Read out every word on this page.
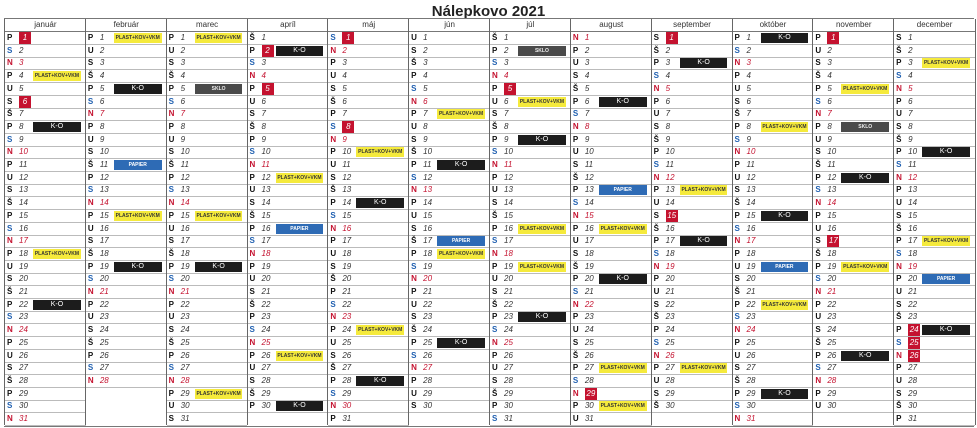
Nálepkovo 2021
január
P	1
S 2
N 3
P 4	PLAST+KOV+VKM
U 5
S	6
Š 7
P 8	K-O
S 9
N 10
P 11
U 12
S 13
Š 14
P 15
S 16
N 17
P 18	PLAST+KOV+VKM
U 19
S 20
Š 21
P 22	K-O
S 23
N 24
P 25
U 26
S 27
Š 28
P 29
S 30
N 31
február
P 1	PLAST+KOV+VKM
U 2
S 3
Š 4
P 5	K-O
S 6
N 7
P 8
U 9
S 10
Š 11	PAPIER
P 12
S 13
N 14
P 15	PLAST+KOV+VKM
U 16
S 17
Š 18
P 19	K-O
S 20
N 21
P 22
U 23
S 24
Š 25
P 26
S 27
N 28
marec
P 1	PLAST+KOV+VKM
U 2
S 3
Š 4
P 5	SKLO
S 6
N 7
P 8
U 9
S 10
Š 11
P 12
S 13
N 14
P 15	PLAST+KOV+VKM
U 16
S 17
Š 18
P 19	K-O
S 20
N 21
P 22
U 23
S 24
Š 25
P 26
S 27
N 28
P 29	PLAST+KOV+VKM
U 30
S 31
apríl
Š 1
P	2	K-O
S 3
N 4
P	5
U 6
S 7
Š 8
P 9
S 10
N 11
P 12	PLAST+KOV+VKM
U 13
S 14
Š 15
P 16	PAPIER
S 17
N 18
P 19
U 20
S 21
Š 22
P 23
S 24
N 25
P 26	PLAST+KOV+VKM
U 27
S 28
Š 29
P 30	K-O
máj
S	1
N 2
P 3
U 4
S 5
Š 6
P 7
S	8
N 9
P 10	PLAST+KOV+VKM
U 11
S 12
Š 13
P 14	K-O
S 15
N 16
P 17
U 18
S 19
Š 20
P 21
S 22
N 23
P 24	PLAST+KOV+VKM
U 25
S 26
Š 27
P 28	K-O
S 29
N 30
P 31
jún
U 1
S 2
Š 3
P 4
S 5
N 6
P 7	PLAST+KOV+VKM
U 8
S 9
Š 10
P 11	K-O
S 12
N 13
P 14
U 15
S 16
Š 17	PAPIER
P 18	PLAST+KOV+VKM
S 19
N 20
P 21
U 22
S 23
Š 24
P 25	K-O
S 26
N 27
P 28
U 29
S 30
júl
Š 1
P 2	SKLO
S 3
N 4
P	5
U 6	PLAST+KOV+VKM
S 7
Š 8
P 9	K-O
S 10
N 11
P 12
U 13
S 14
Š 15
P 16	PLAST+KOV+VKM
S 17
N 18
P 19	PLAST+KOV+VKM
U 20
S 21
Š 22
P 23	K-O
S 24
N 25
P 26
U 27
S 28
Š 29
P 30
S 31
august
N 1
P 2
U 3
S 4
Š 5
P 6	K-O
S 7
N 8
P 9
U 10
S 11
Š 12
P 13	PAPIER
S 14
N 15
P 16	PLAST+KOV+VKM
U 17
S 18
Š 19
P 20	K-O
S 21
N 22
P 23
U 24
S 25
Š 26
P 27	PLAST+KOV+VKM
S 28
N 29
P 30	PLAST+KOV+VKM
U 31
september
S	1
Š 2
P 3	K-O
S 4
N 5
P 6
U 7
S 8
Š 9
P 10
S 11
N 12
P 13	PLAST+KOV+VKM
U 14
S	15
Š 16
P 17	K-O
S 18
N 19
P 20
U 21
S 22
Š 23
P 24
S 25
N 26
P 27	PLAST+KOV+VKM
U 28
S 29
Š 30
október
P 1	K-O
S 2
N 3
P 4
U 5
S 6
Š 7
P 8	PLAST+KOV+VKM
S 9
N 10
P 11
U 12
S 13
Š 14
P 15	K-O
S 16
N 17
P 18
U 19	PAPIER
S 20
Š 21
P 22	PLAST+KOV+VKM
S 23
N 24
P 25
U 26
S 27
Š 28
P 29	K-O
S 30
N 31
november
P	1
U 2
S 3
Š 4
P 5	PLAST+KOV+VKM
S 6
N 7
P 8	SKLO
U 9
S 10
Š 11
P 12	K-O
S 13
N 14
P 15
U 16
S	17
Š 18
P 19	PLAST+KOV+VKM
S 20
N 21
P 22
U 23
S 24
Š 25
P 26	K-O
S 27
N 28
P 29
U 30
december
S 1
Š 2
P 3	PLAST+KOV+VKM
S 4
N 5
P 6
U 7
S 8
Š 9
P 10	K-O
S 11
N 12
P 13
U 14
S 15
Š 16
P 17	PLAST+KOV+VKM
S 18
N 19
P 20	PAPIER
U 21
S 22
Š 23
P	24	K-O
S	25
N 26
P 27
U 28
S 29
Š 30
P 31
